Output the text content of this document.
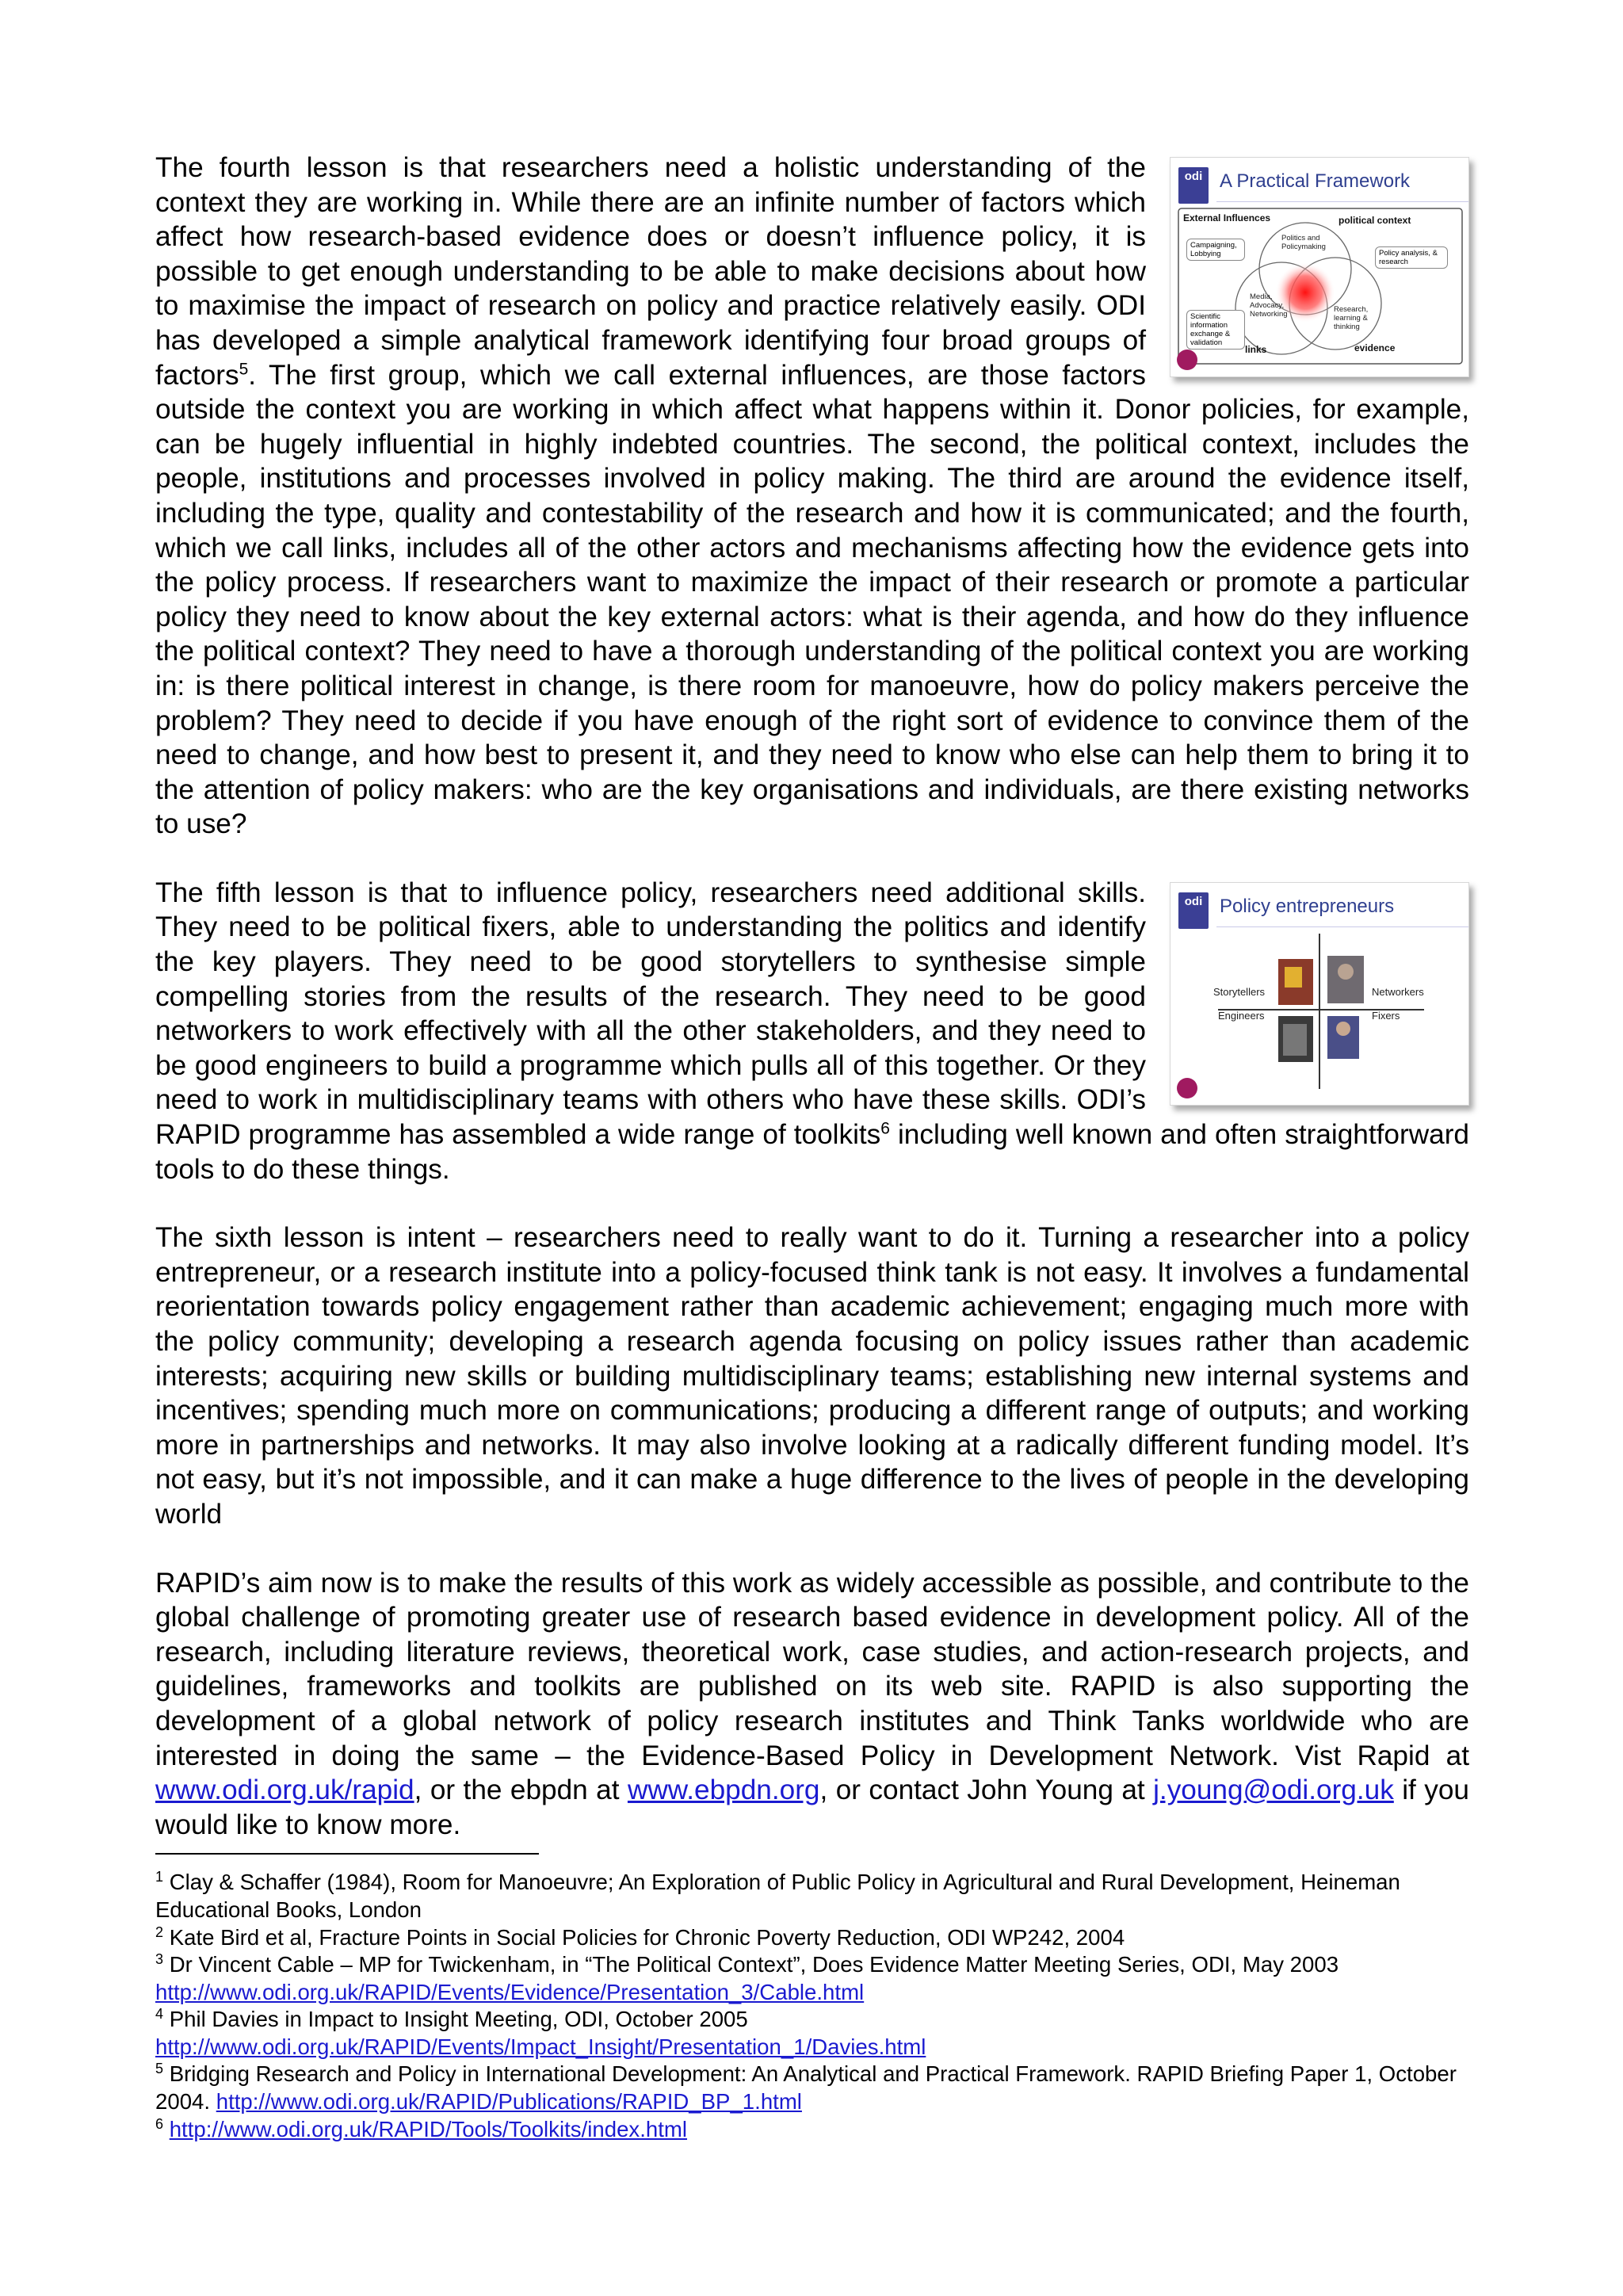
odi A Practical Framework
External Influences	political context
Campaigning, Lobbying
Politics and Policymaking
Policy analysis, & research
Media, Advocacy, Networking
Scientific information exchange & validation
Research, learning & thinking
links	evidence

The fourth lesson is that researchers need a holistic understanding of the context they are working in. While there are an infinite number of factors which affect how research-based evidence does or doesn’t influence policy, it is possible to get enough understanding to be able to make decisions about how to maximise the impact of research on policy and practice relatively easily. ODI has developed a simple analytical framework identifying four broad groups of factors$^5$. The first group, which we call external influences, are those factors outside the context you are working in which affect what happens within it. Donor policies, for example, can be hugely influential in highly indebted countries. The second, the political context, includes the people, institutions and processes involved in policy making. The third are around the evidence itself, including the type, quality and contestability of the research and how it is communicated; and the fourth, which we call links, includes all of the other actors and mechanisms affecting how the evidence gets into the policy process. If researchers want to maximize the impact of their research or promote a particular policy they need to know about the key external actors: what is their agenda, and how do they influence the political context? They need to have a thorough understanding of the political context you are working in: is there political interest in change, is there room for manoeuvre, how do policy makers perceive the problem? They need to decide if you have enough of the right sort of evidence to convince them of the need to change, and how best to present it, and they need to know who else can help them to bring it to the attention of policy makers: who are the key organisations and individuals, are there existing networks to use?

odi Policy entrepreneurs
Storytellers	Networkers
Engineers	Fixers

The fifth lesson is that to influence policy, researchers need additional skills. They need to be political fixers, able to understanding the politics and identify the key players. They need to be good storytellers to synthesise simple compelling stories from the results of the research. They need to be good networkers to work effectively with all the other stakeholders, and they need to be good engineers to build a programme which pulls all of this together. Or they need to work in multidisciplinary teams with others who have these skills. ODI’s RAPID programme has assembled a wide range of toolkits$^6$ including well known and often straightforward tools to do these things.

The sixth lesson is intent – researchers need to really want to do it. Turning a researcher into a policy entrepreneur, or a research institute into a policy-focused think tank is not easy. It involves a fundamental reorientation towards policy engagement rather than academic achievement; engaging much more with the policy community; developing a research agenda focusing on policy issues rather than academic interests; acquiring new skills or building multidisciplinary teams; establishing new internal systems and incentives; spending much more on communications; producing a different range of outputs; and working more in partnerships and networks. It may also involve looking at a radically different funding model. It’s not easy, but it’s not impossible, and it can make a huge difference to the lives of people in the developing world

RAPID’s aim now is to make the results of this work as widely accessible as possible, and contribute to the global challenge of promoting greater use of research based evidence in development policy. All of the research, including literature reviews, theoretical work, case studies, and action-research projects, and guidelines, frameworks and toolkits are published on its web site. RAPID is also supporting the development of a global network of policy research institutes and Think Tanks worldwide who are interested in doing the same – the Evidence-Based Policy in Development Network. Vist Rapid at www.odi.org.uk/rapid, or the ebpdn at www.ebpdn.org, or contact John Young at j.young@odi.org.uk if you would like to know more.

$^1$ Clay & Schaffer (1984), Room for Manoeuvre; An Exploration of Public Policy in Agricultural and Rural Development, Heineman Educational Books, London

$^2$ Kate Bird et al, Fracture Points in Social Policies for Chronic Poverty Reduction, ODI WP242, 2004

$^3$ Dr Vincent Cable – MP for Twickenham, in “The Political Context”, Does Evidence Matter Meeting Series, ODI, May 2003 http://www.odi.org.uk/RAPID/Events/Evidence/Presentation_3/Cable.html

$^4$ Phil Davies in Impact to Insight Meeting, ODI, October 2005 http://www.odi.org.uk/RAPID/Events/Impact_Insight/Presentation_1/Davies.html

$^5$ Bridging Research and Policy in International Development: An Analytical and Practical Framework. RAPID Briefing Paper 1, October 2004. http://www.odi.org.uk/RAPID/Publications/RAPID_BP_1.html

$^6$ http://www.odi.org.uk/RAPID/Tools/Toolkits/index.html
